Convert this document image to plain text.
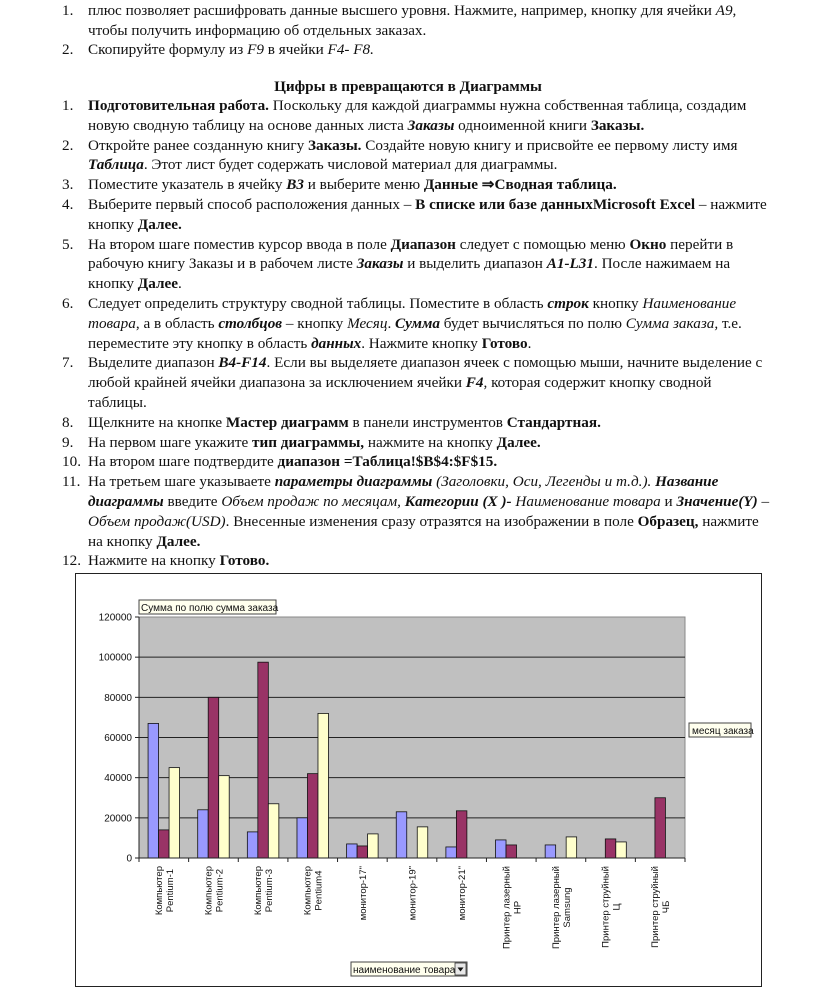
1. плюс позволяет расшифровать данные высшего уровня. Нажмите, например, кнопку для ячейки A9,
чтобы получить информацию об отдельных заказах.
2. Скопируйте формулу из F9 в ячейки F4- F8.
Цифры в превращаются в Диаграммы
1. Подготовительная работа. Поскольку для каждой диаграммы нужна собственная таблица, создадим
новую сводную таблицу на основе данных листа Заказы одноименной книги Заказы.
2. Откройте ранее созданную книгу Заказы. Создайте новую книгу и присвойте ее первому листу имя
Таблица. Этот лист будет содержать числовой материал для диаграммы.
3. Поместите указатель в ячейку B3 и выберите меню Данные ⇒Сводная таблица.
4. Выберите первый способ расположения данных – В списке или базе данныхMicrosoft Excel – нажмите
кнопку Далее.
5. На втором шаге поместив курсор ввода в поле Диапазон следует с помощью меню Окно перейти в
рабочую книгу Заказы и в рабочем листе Заказы и выделить диапазон A1-L31. После нажимаем на
кнопку Далее.
6. Следует определить структуру сводной таблицы. Поместите в область строк кнопку Наименование
товара, а в область столбцов – кнопку Месяц. Сумма будет вычисляться по полю Сумма заказа, т.е.
переместите эту кнопку в область данных. Нажмите кнопку Готово.
7. Выделите диапазон B4-F14. Если вы выделяете диапазон ячеек с помощью мыши, начните выделение с
любой крайней ячейки диапазона за исключением ячейки F4, которая содержит кнопку сводной
таблицы.
8. Щелкните на кнопке Мастер диаграмм в панели инструментов Стандартная.
9. На первом шаге укажите тип диаграммы, нажмите на кнопку Далее.
10. На втором шаге подтвердите диапазон =Таблица!$B$4:$F$15.
11. На третьем шаге указываете параметры диаграммы (Заголовки, Оси, Легенды и т.д.). Название
диаграммы введите Объем продаж по месяцам, Категории (X )- Наименование товара и Значение(Y) –
Объем продаж(USD). Внесенные изменения сразу отразятся на изображении в поле Образец, нажмите
на кнопку Далее.
12. Нажмите на кнопку Готово.
0
20000
40000
60000
80000
100000
120000
Компьютер Pentium-1	Компьютер Pentium-2	Компьютер Pentium-3	Компьютер Pentium4	монитор-17"	монитор-19"	монитор-21"	Принтер лазерный HP	Принтер лазерный Samsung	Принтер струйный Ц	Принтер струйный ЧБ
Сумма по полю сумма заказа
месяц заказа
наименование товара
